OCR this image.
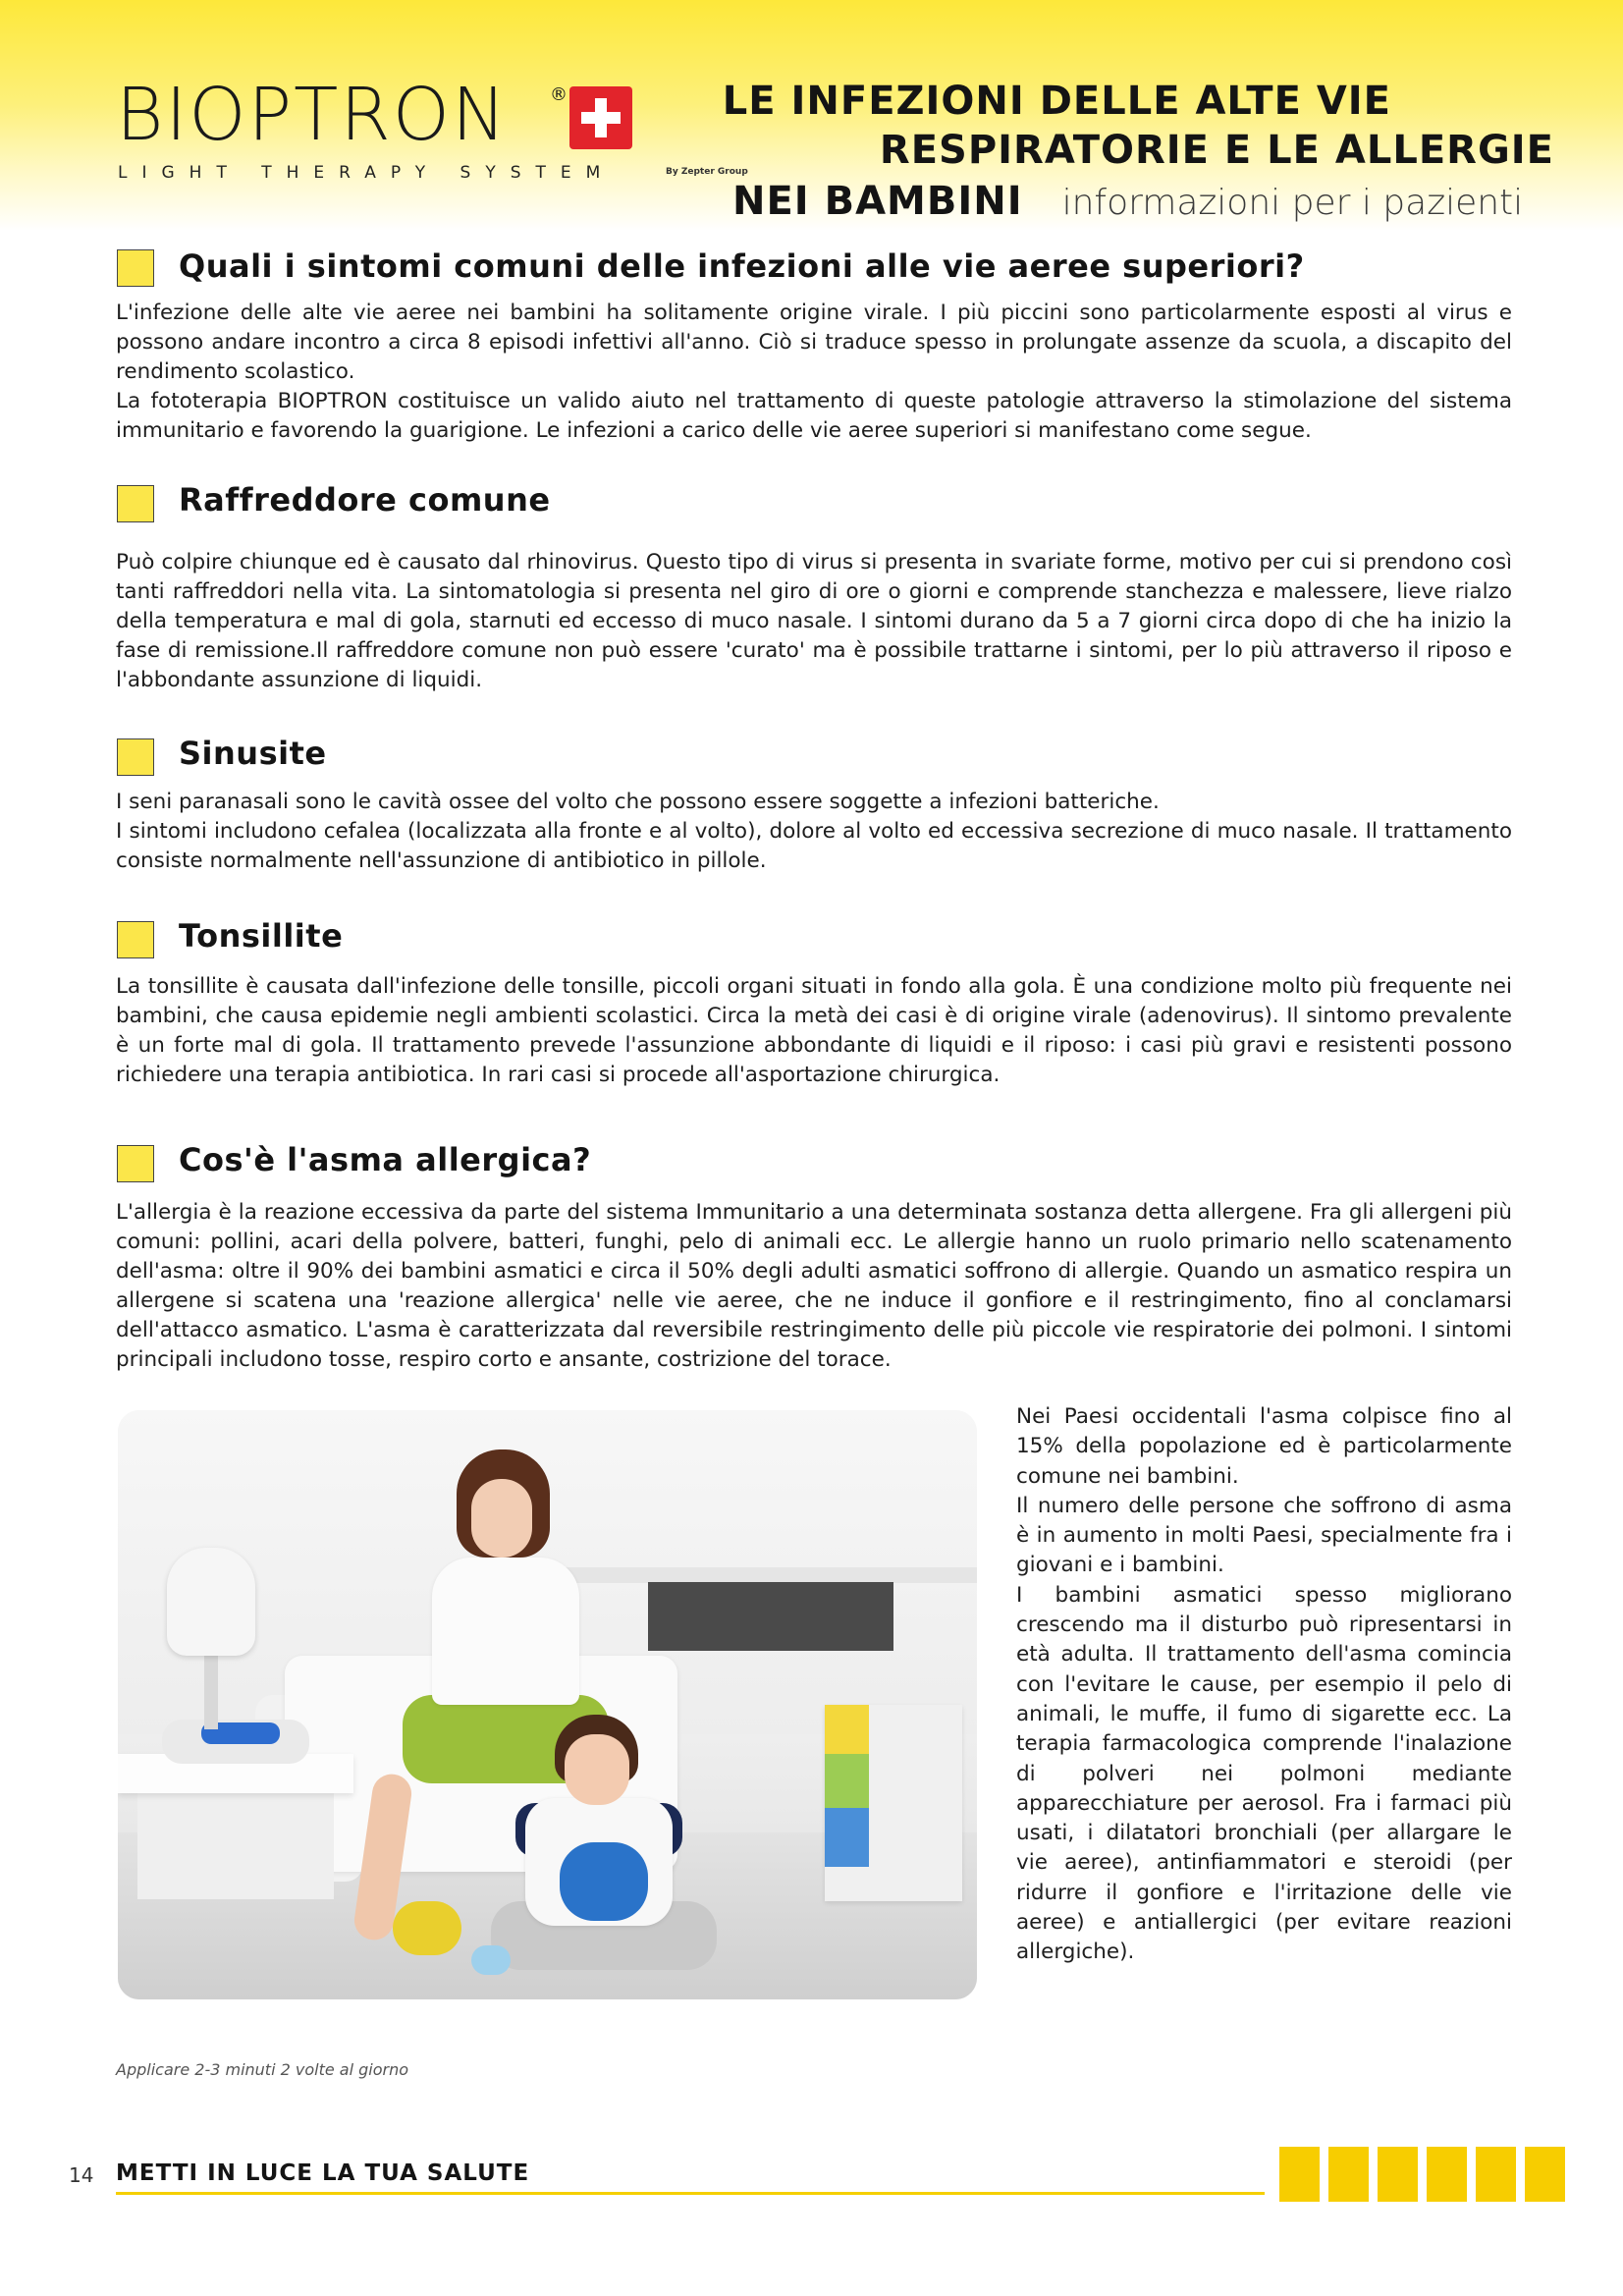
BIOPTRON ®
LIGHT THERAPY SYSTEM	By Zepter Group
LE INFEZIONI DELLE ALTE VIE
RESPIRATORIE E LE ALLERGIE
NEI BAMBINI informazioni per i pazienti
Quali i sintomi comuni delle infezioni alle vie aeree superiori?

L'infezione delle alte vie aeree nei bambini ha solitamente origine virale. I più piccini sono particolarmente esposti al virus e possono andare incontro a circa 8 episodi infettivi all'anno. Ciò si traduce spesso in prolungate assenze da scuola, a discapito del rendimento scolastico.

La fototerapia BIOPTRON costituisce un valido aiuto nel trattamento di queste patologie attraverso la stimolazione del sistema immunitario e favorendo la guarigione. Le infezioni a carico delle vie aeree superiori si manifestano come segue.

Raffreddore comune

Può colpire chiunque ed è causato dal rhinovirus. Questo tipo di virus si presenta in svariate forme, motivo per cui si prendono così tanti raffreddori nella vita. La sintomatologia si presenta nel giro di ore o giorni e comprende stanchezza e malessere, lieve rialzo della temperatura e mal di gola, starnuti ed eccesso di muco nasale. I sintomi durano da 5 a 7 giorni circa dopo di che ha inizio la fase di remissione.Il raffreddore comune non può essere 'curato' ma è possibile trattarne i sintomi, per lo più attraverso il riposo e l'abbondante assunzione di liquidi.

Sinusite

I seni paranasali sono le cavità ossee del volto che possono essere soggette a infezioni batteriche.

I sintomi includono cefalea (localizzata alla fronte e al volto), dolore al volto ed eccessiva secrezione di muco nasale. Il trattamento consiste normalmente nell'assunzione di antibiotico in pillole.

Tonsillite

La tonsillite è causata dall'infezione delle tonsille, piccoli organi situati in fondo alla gola. È una condizione molto più frequente nei bambini, che causa epidemie negli ambienti scolastici. Circa la metà dei casi è di origine virale (adenovirus). Il sintomo prevalente è un forte mal di gola. Il trattamento prevede l'assunzione abbondante di liquidi e il riposo: i casi più gravi e resistenti possono richiedere una terapia antibiotica. In rari casi si procede all'asportazione chirurgica.

Cos'è l'asma allergica?

L'allergia è la reazione eccessiva da parte del sistema Immunitario a una determinata sostanza detta allergene. Fra gli allergeni più comuni: pollini, acari della polvere, batteri, funghi, pelo di animali ecc. Le allergie hanno un ruolo primario nello scatenamento dell'asma: oltre il 90% dei bambini asmatici e circa il 50% degli adulti asmatici soffrono di allergie. Quando un asmatico respira un allergene si scatena una 'reazione allergica' nelle vie aeree, che ne induce il gonfiore e il restringimento, fino al conclamarsi dell'attacco asmatico. L'asma è caratterizzata dal reversibile restringimento delle più piccole vie respiratorie dei polmoni. I sintomi principali includono tosse, respiro corto e ansante, costrizione del torace.

Nei Paesi occidentali l'asma colpisce fino al 15% della popolazione ed è particolarmente comune nei bambini.
Il numero delle persone che soffrono di asma è in aumento in molti Paesi, specialmente fra i giovani e i bambini.
I bambini asmatici spesso migliorano crescendo ma il disturbo può ripresentarsi in età adulta. Il trattamento dell'asma comincia con l'evitare le cause, per esempio il pelo di animali, le muffe, il fumo di sigarette ecc. La terapia farmacologica comprende l'inalazione di polveri nei polmoni mediante apparecchiature per aerosol. Fra i farmaci più usati, i dilatatori bronchiali (per allargare le vie aeree), antinfiammatori e steroidi (per ridurre il gonfiore e l'irritazione delle vie aeree) e antiallergici (per evitare reazioni allergiche).
Applicare 2-3 minuti 2 volte al giorno
14 METTI IN LUCE LA TUA SALUTE
